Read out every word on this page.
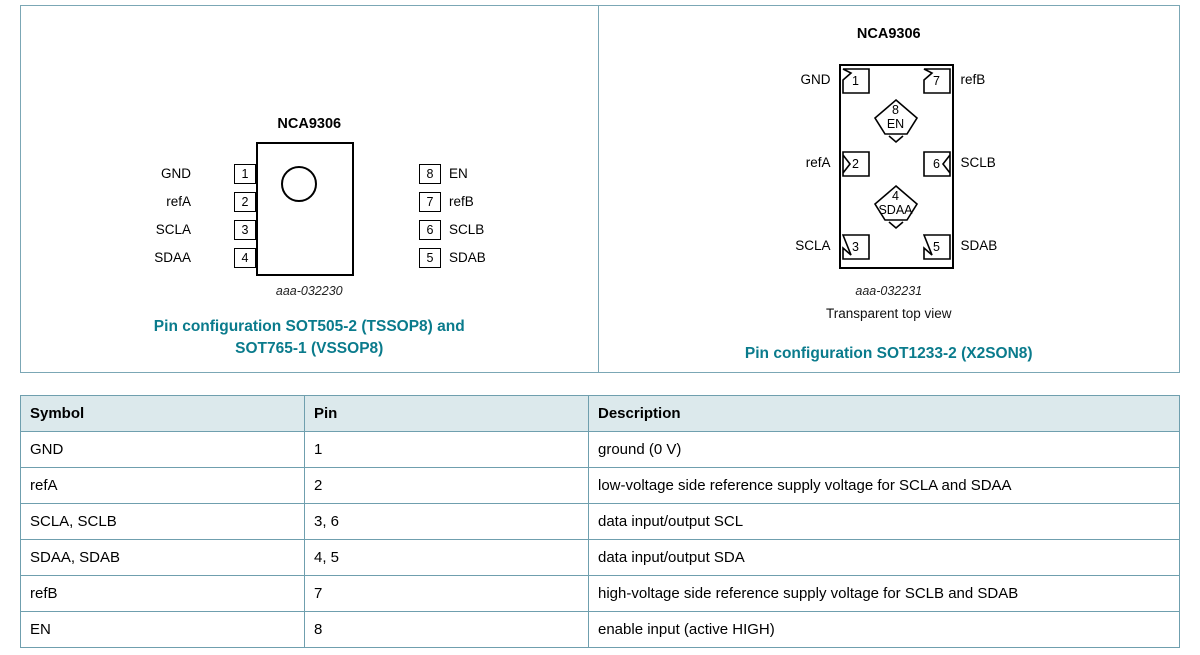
NCA9306
GND	1
refA	2
SCLA	3
SDAA	4
8	EN
7	refB
6	SCLB
5	SDAB
aaa-032230
Pin configuration SOT505-2 (TSSOP8) and
SOT765-1 (VSSOP8)
NCA9306
1
GND	7	refB
2
refA	6	SCLB
3
SCLA	5	SDAB
8
EN
4
SDAA
aaa-032231
Transparent top view
Pin configuration SOT1233-2 (X2SON8)
Symbol	Pin	Description
GND	1	ground (0 V)
refA	2	low-voltage side reference supply voltage for SCLA and SDAA
SCLA, SCLB	3, 6	data input/output SCL
SDAA, SDAB	4, 5	data input/output SDA
refB	7	high-voltage side reference supply voltage for SCLB and SDAB
EN	8	enable input (active HIGH)
